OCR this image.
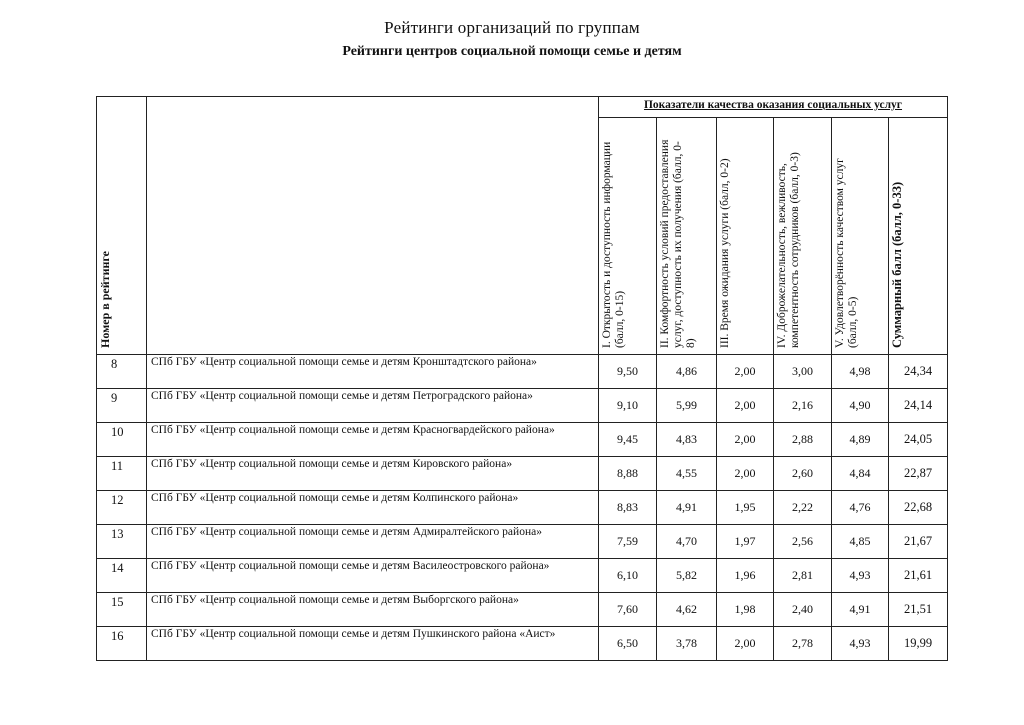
Рейтинги организаций по группам
Рейтинги центров социальной помощи семье и детям
Номер в рейтинге		Показатели качества оказания социальных услуг					

		I. Открытость и доступность информации (балл, 0-15)	II. Комфортность условий предоставления услуг, доступность их получения (балл, 0-8)	III. Время ожидания услуги (балл, 0-2)	IV. Доброжелательность, вежливость, компетентность сотрудников (балл, 0-3)	V. Удовлетворённость качеством услуг (балл, 0-5)	Суммарный балл (балл, 0-33)

8	СПб ГБУ «Центр социальной помощи семье и детям Кронштадтского района»	9,50	4,86	2,00	3,00	4,98	24,34
9	СПб ГБУ «Центр социальной помощи семье и детям Петроградского района»	9,10	5,99	2,00	2,16	4,90	24,14
10	СПб ГБУ «Центр социальной помощи семье и детям Красногвардейского района»	9,45	4,83	2,00	2,88	4,89	24,05
11	СПб ГБУ «Центр социальной помощи семье и детям Кировского района»	8,88	4,55	2,00	2,60	4,84	22,87
12	СПб ГБУ «Центр социальной помощи семье и детям Колпинского района»	8,83	4,91	1,95	2,22	4,76	22,68
13	СПб ГБУ «Центр социальной помощи семье и детям Адмиралтейского района»	7,59	4,70	1,97	2,56	4,85	21,67
14	СПб ГБУ «Центр социальной помощи семье и детям Василеостровского района»	6,10	5,82	1,96	2,81	4,93	21,61
15	СПб ГБУ «Центр социальной помощи семье и детям Выборгского района»	7,60	4,62	1,98	2,40	4,91	21,51
16	СПб ГБУ «Центр социальной помощи семье и детям Пушкинского района «Аист»	6,50	3,78	2,00	2,78	4,93	19,99
